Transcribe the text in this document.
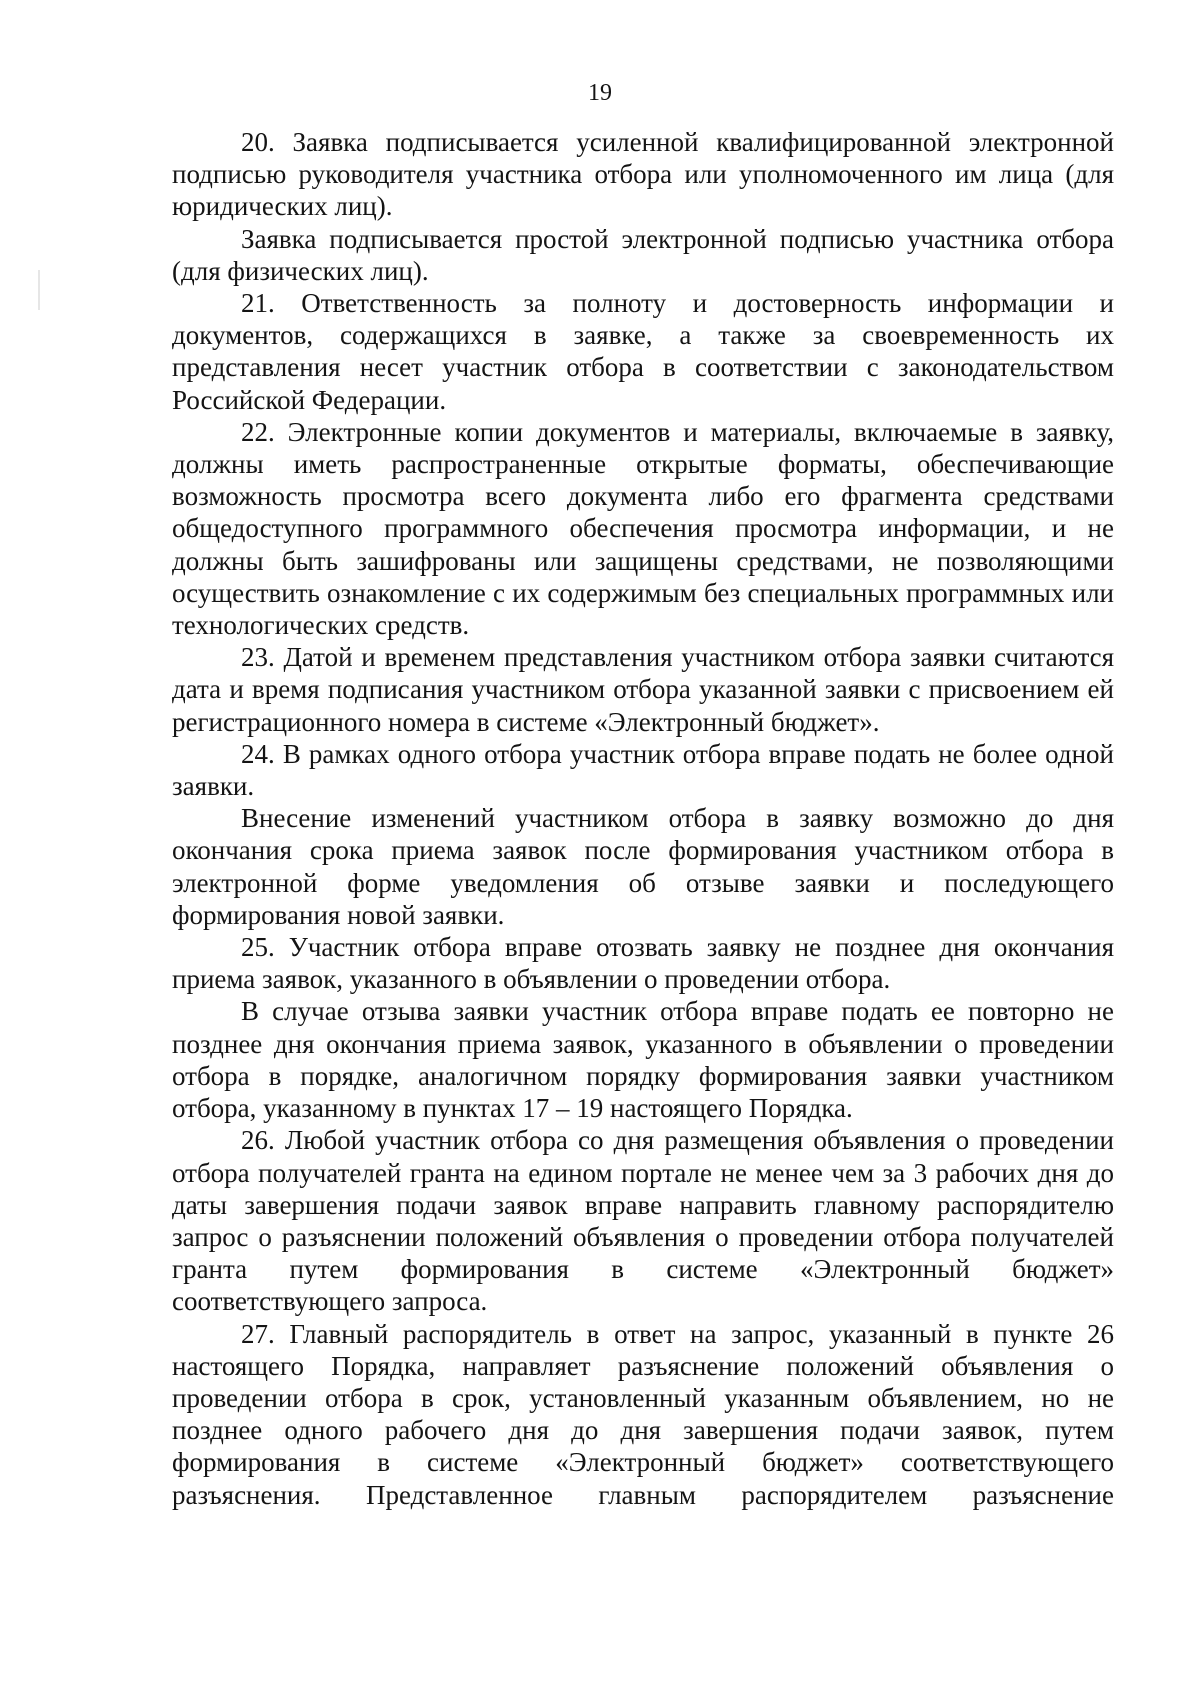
19

20. Заявка подписывается усиленной квалифицированной электронной подписью руководителя участника отбора или уполномоченного им лица (для юридических лиц).

Заявка подписывается простой электронной подписью участника отбора (для физических лиц).

21. Ответственность за полноту и достоверность информации и документов, содержащихся в заявке, а также за своевременность их представления несет участник отбора в соответствии с законодательством Российской Федерации.

22. Электронные копии документов и материалы, включаемые в заявку, должны иметь распространенные открытые форматы, обеспечивающие возможность просмотра всего документа либо его фрагмента средствами общедоступного программного обеспечения просмотра информации, и не должны быть зашифрованы или защищены средствами, не позволяющими осуществить ознакомление с их содержимым без специальных программных или технологических средств.

23. Датой и временем представления участником отбора заявки считаются дата и время подписания участником отбора указанной заявки с присвоением ей регистрационного номера в системе «Электронный бюджет».

24. В рамках одного отбора участник отбора вправе подать не более одной заявки.

Внесение изменений участником отбора в заявку возможно до дня окончания срока приема заявок после формирования участником отбора в электронной форме уведомления об отзыве заявки и последующего формирования новой заявки.

25. Участник отбора вправе отозвать заявку не позднее дня окончания приема заявок, указанного в объявлении о проведении отбора.

В случае отзыва заявки участник отбора вправе подать ее повторно не позднее дня окончания приема заявок, указанного в объявлении о проведении отбора в порядке, аналогичном порядку формирования заявки участником отбора, указанному в пунктах 17 – 19 настоящего Порядка.

26. Любой участник отбора со дня размещения объявления о проведении отбора получателей гранта на едином портале не менее чем за 3 рабочих дня до даты завершения подачи заявок вправе направить главному распорядителю запрос о разъяснении положений объявления о проведении отбора получателей гранта путем формирования в системе «Электронный бюджет» соответствующего запроса.

27. Главный распорядитель в ответ на запрос, указанный в пункте 26 настоящего Порядка, направляет разъяснение положений объявления о проведении отбора в срок, установленный указанным объявлением, но не позднее одного рабочего дня до дня завершения подачи заявок, путем формирования в системе «Электронный бюджет» соответствующего разъяснения. Представленное главным распорядителем разъяснение
